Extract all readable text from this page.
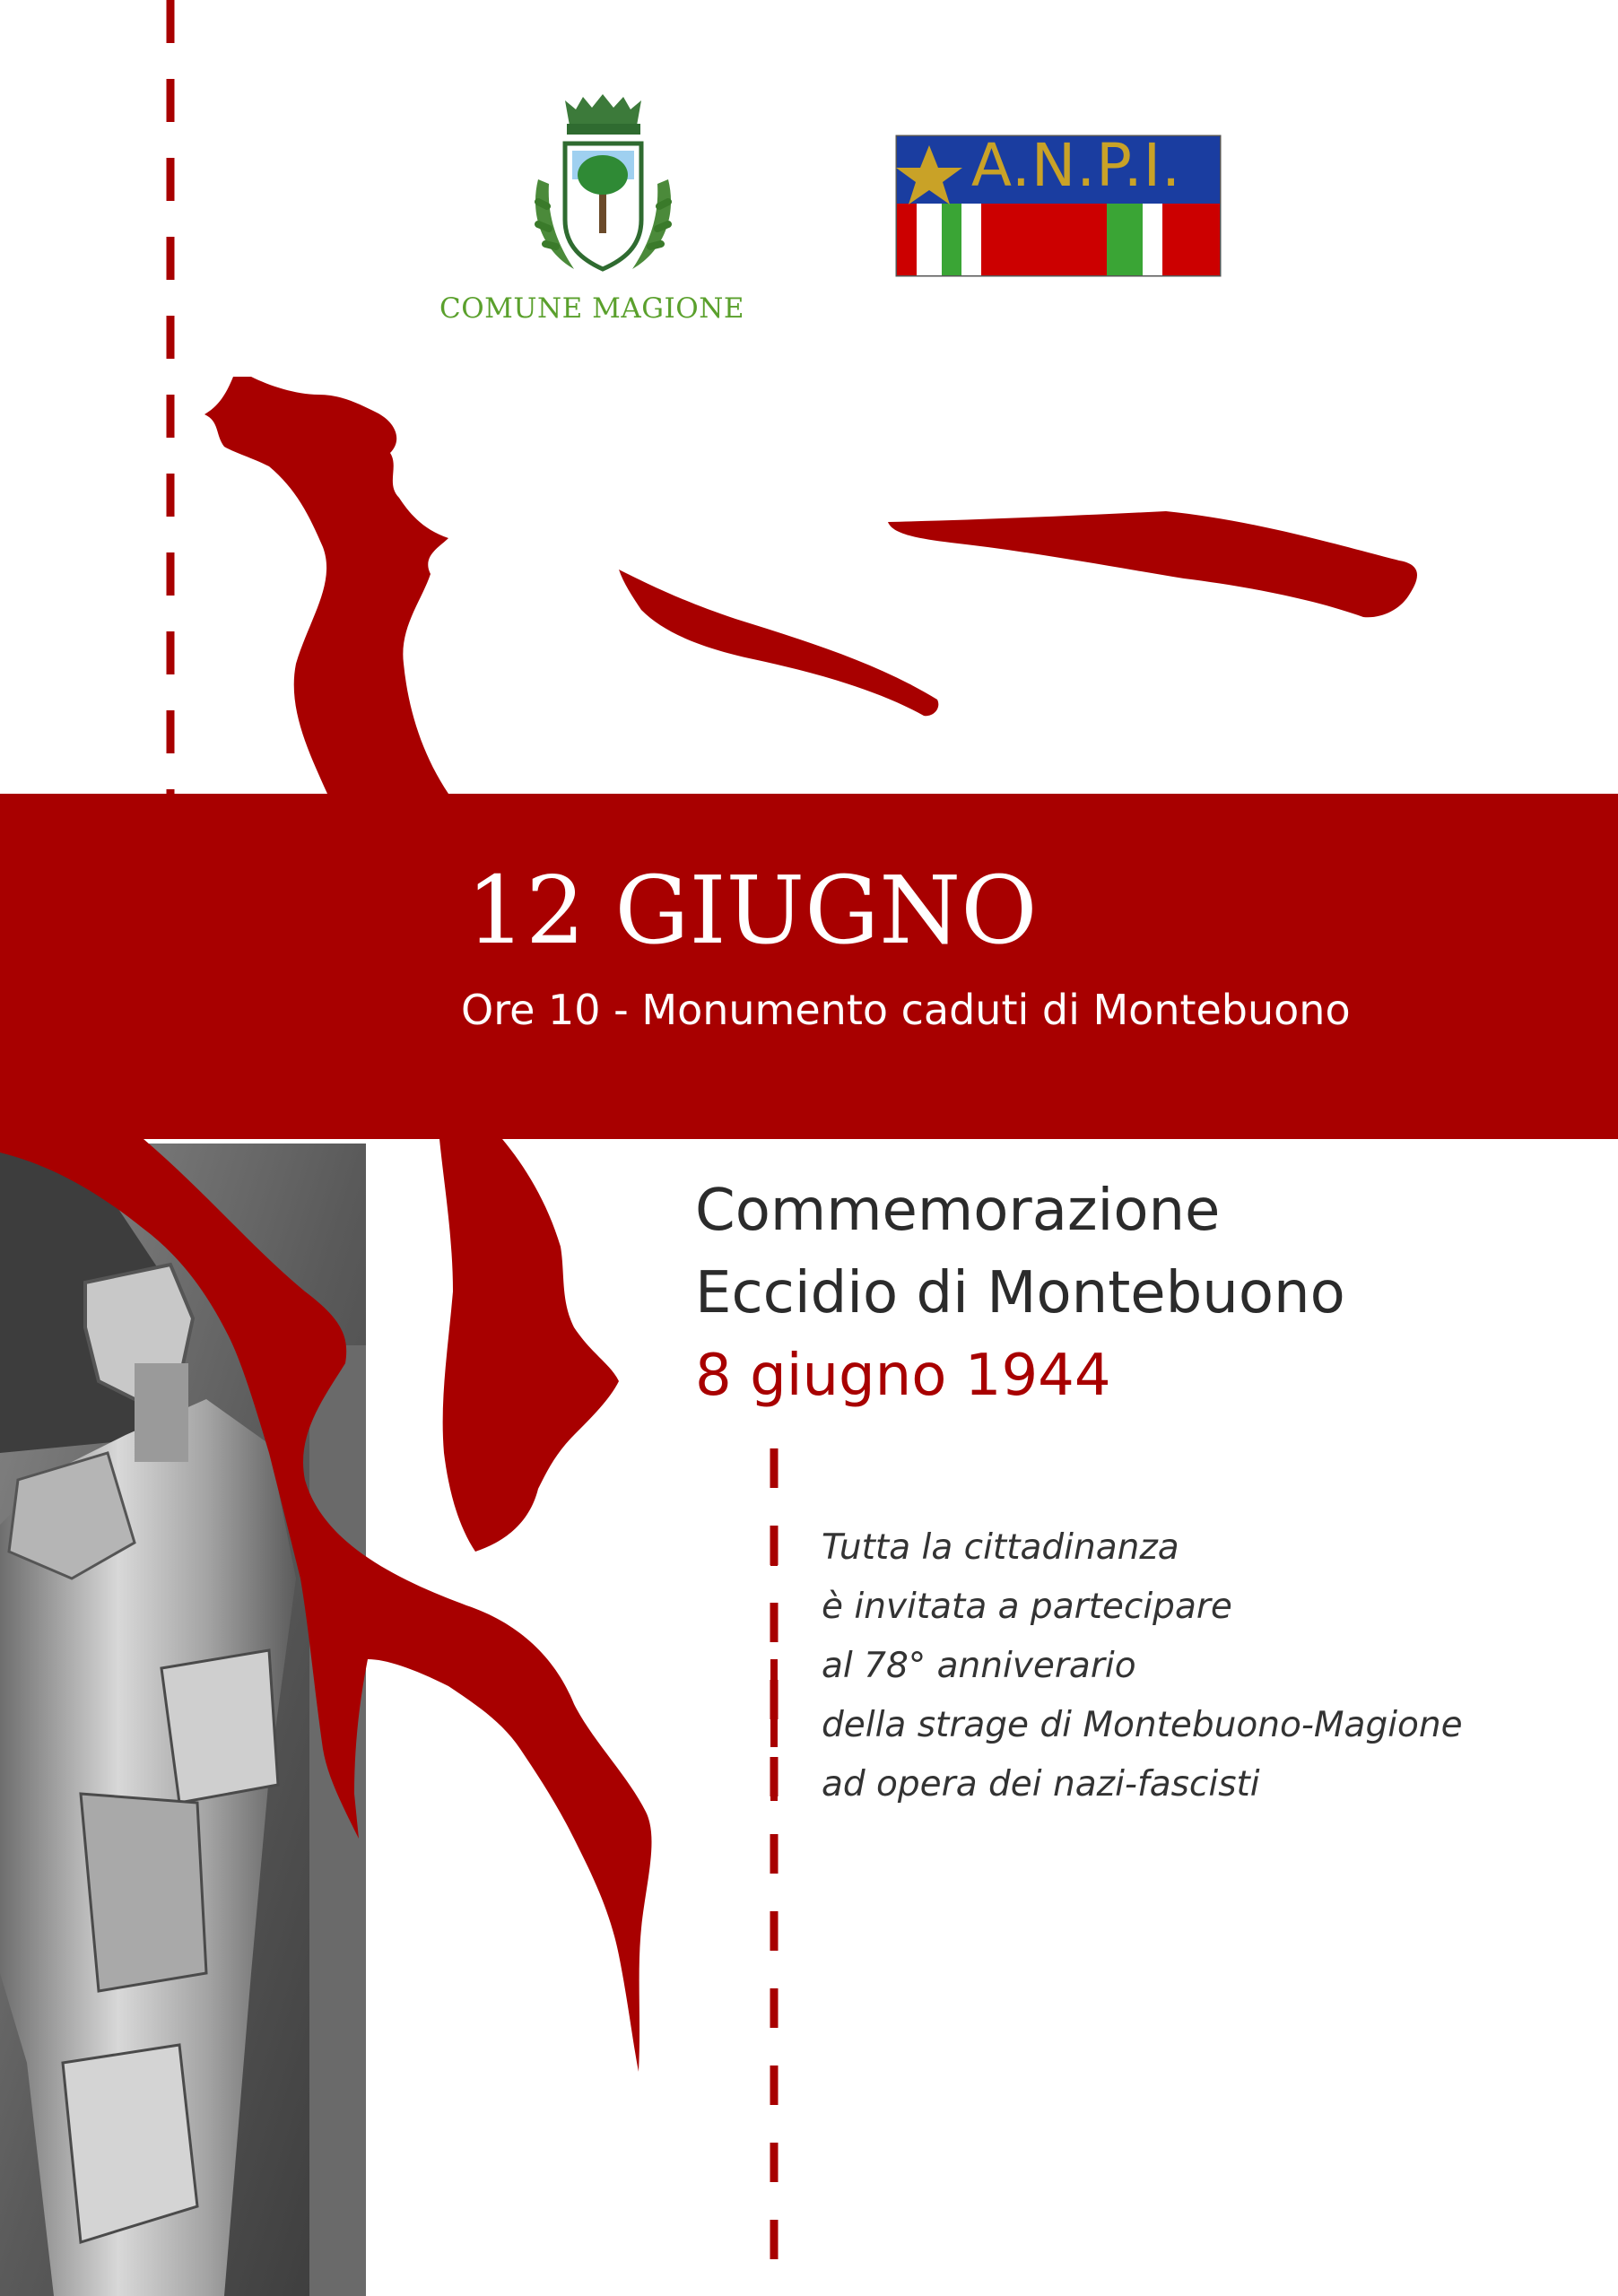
COMUNE MAGIONE
A.N.P.I.
12 GIUGNO
Ore 10 - Monumento caduti di Montebuono
Commemorazione
Eccidio di Montebuono
8 giugno 1944
Tutta la cittadinanza
è invitata a partecipare
al 78° anniverario
della strage di Montebuono-Magione
ad opera dei nazi-fascisti
